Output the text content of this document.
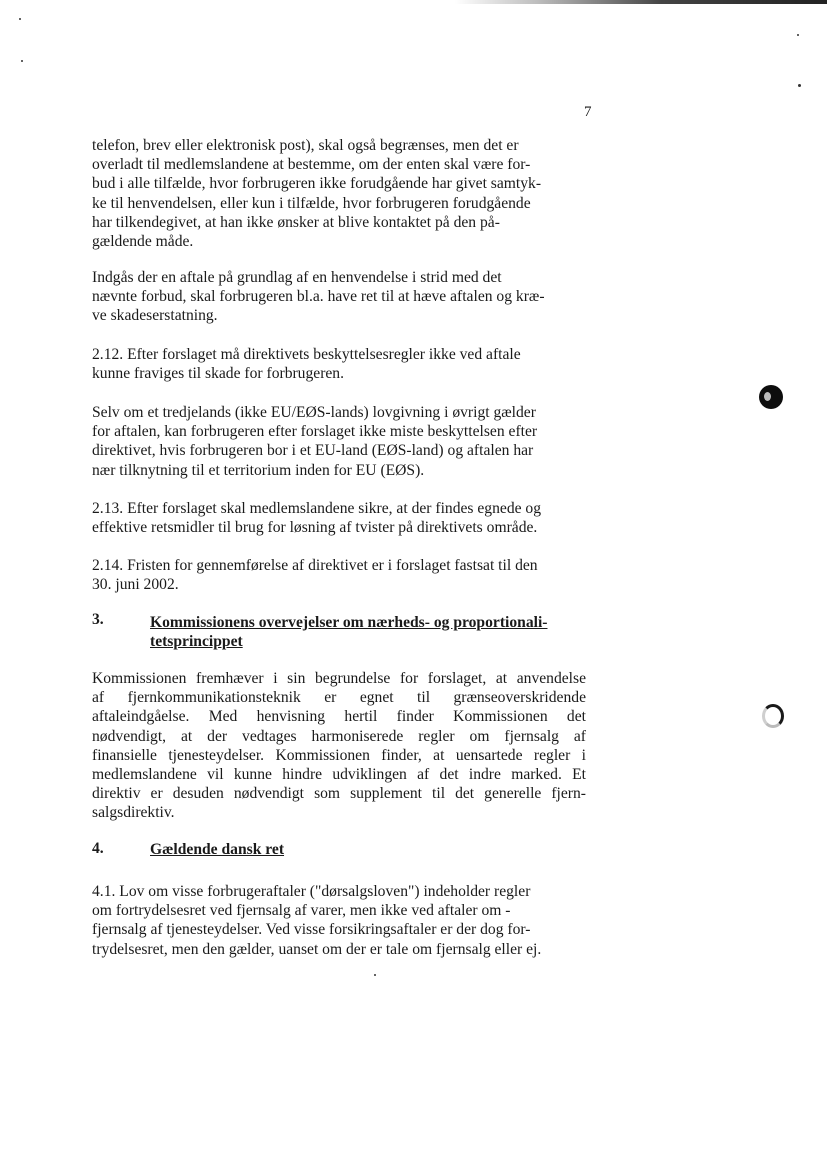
7
telefon, brev eller elektronisk post), skal også begrænses, men det er
overladt til medlemslandene at bestemme, om der enten skal være for-
bud i alle tilfælde, hvor forbrugeren ikke forudgående har givet samtyk-
ke til henvendelsen, eller kun i tilfælde, hvor forbrugeren forudgående
har tilkendegivet, at han ikke ønsker at blive kontaktet på den på-
gældende måde.
Indgås der en aftale på grundlag af en henvendelse i strid med det
nævnte forbud, skal forbrugeren bl.a. have ret til at hæve aftalen og kræ-
ve skadeserstatning.
2.12. Efter forslaget må direktivets beskyttelsesregler ikke ved aftale
kunne fraviges til skade for forbrugeren.
Selv om et tredjelands (ikke EU/EØS-lands) lovgivning i øvrigt gælder
for aftalen, kan forbrugeren efter forslaget ikke miste beskyttelsen efter
direktivet, hvis forbrugeren bor i et EU-land (EØS-land) og aftalen har
nær tilknytning til et territorium inden for EU (EØS).
2.13. Efter forslaget skal medlemslandene sikre, at der findes egnede og
effektive retsmidler til brug for løsning af tvister på direktivets område.
2.14. Fristen for gennemførelse af direktivet er i forslaget fastsat til den
30. juni 2002.
3.	Kommissionens overvejelser om nærheds- og proportionali-
tetsprincippet
Kommissionen fremhæver i sin begrundelse for forslaget, at anvendelse
af fjernkommunikationsteknik er egnet til grænseoverskridende
aftaleindgåelse. Med henvisning hertil finder Kommissionen det
nødvendigt, at der vedtages harmoniserede regler om fjernsalg af
finansielle tjenesteydelser. Kommissionen finder, at uensartede regler i
medlemslandene vil kunne hindre udviklingen af det indre marked. Et
direktiv er desuden nødvendigt som supplement til det generelle fjern-
salgsdirektiv.
4.	Gældende dansk ret
4.1. Lov om visse forbrugeraftaler ("dørsalgsloven") indeholder regler
om fortrydelsesret ved fjernsalg af varer, men ikke ved aftaler om -
fjernsalg af tjenesteydelser. Ved visse forsikringsaftaler er der dog for-
trydelsesret, men den gælder, uanset om der er tale om fjernsalg eller ej.
